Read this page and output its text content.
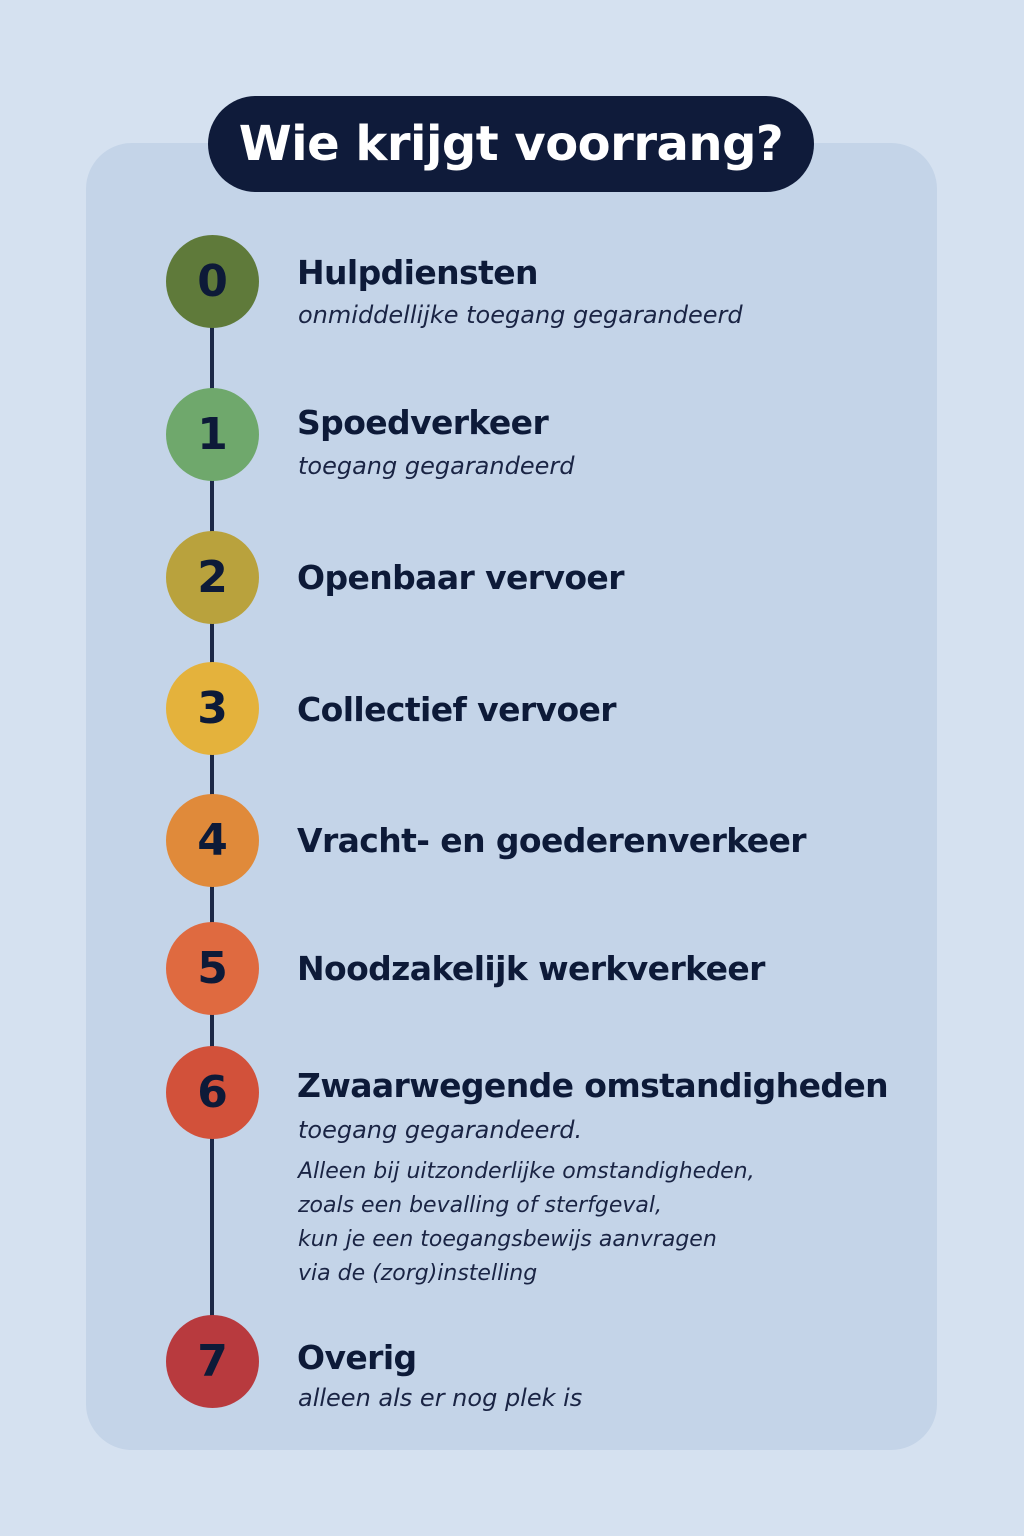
Wie krijgt voorrang?
0 Hulpdiensten
onmiddellijke toegang gegarandeerd
1 Spoedverkeer
toegang gegarandeerd
2 Openbaar vervoer
3 Collectief vervoer
4 Vracht- en goederenverkeer
5 Noodzakelijk werkverkeer
6 Zwaarwegende omstandigheden
toegang gegarandeerd.
Alleen bij uitzonderlijke omstandigheden,
zoals een bevalling of sterfgeval,
kun je een toegangsbewijs aanvragen
via de (zorg)instelling
7 Overig
alleen als er nog plek is
